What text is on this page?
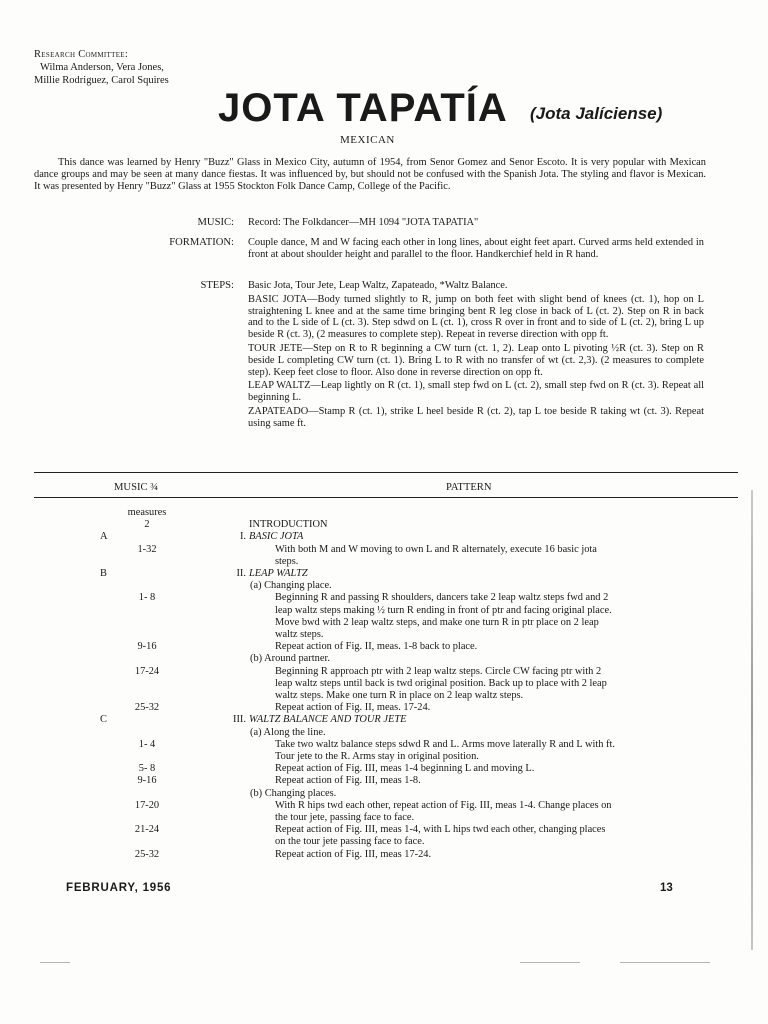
Research Committee:
Wilma Anderson, Vera Jones,
Millie Rodriguez, Carol Squires
JOTA TAPATÍA (Jota Jalíciense)
MEXICAN
This dance was learned by Henry "Buzz" Glass in Mexico City, autumn of 1954, from Senor Gomez and Senor Escoto. It is very popular with Mexican dance groups and may be seen at many dance fiestas. It was influenced by, but should not be confused with the Spanish Jota. The styling and flavor is Mexican. It was presented by Henry "Buzz" Glass at 1955 Stockton Folk Dance Camp, College of the Pacific.
MUSIC: Record: The Folkdancer—MH 1094 "JOTA TAPATIA"
FORMATION: Couple dance, M and W facing each other in long lines, about eight feet apart. Curved arms held extended in front at about shoulder height and parallel to the floor. Handkerchief held in R hand.
STEPS: Basic Jota, Tour Jete, Leap Waltz, Zapateado, *Waltz Balance.

BASIC JOTA—Body turned slightly to R, jump on both feet with slight bend of knees (ct. 1), hop on L straightening L knee and at the same time bringing bent R leg close in back of L (ct. 2). Step on R in back and to the L side of L (ct. 3). Step sdwd on L (ct. 1), cross R over in front and to side of L (ct. 2), bring L up beside R (ct. 3), (2 measures to complete step). Repeat in reverse direction with opp ft.

TOUR JETE—Step on R to R beginning a CW turn (ct. 1, 2). Leap onto L pivoting ½R (ct. 3). Step on R beside L completing CW turn (ct. 1). Bring L to R with no transfer of wt (ct. 2,3). (2 measures to complete step). Keep feet close to floor. Also done in reverse direction on opp ft.

LEAP WALTZ—Leap lightly on R (ct. 1), small step fwd on L (ct. 2), small step fwd on R (ct. 3). Repeat all beginning L.

ZAPATEADO—Stamp R (ct. 1), strike L heel beside R (ct. 2), tap L toe beside R taking wt (ct. 3). Repeat using same ft.

MUSIC ¾	PATTERN
measures
2	INTRODUCTION
A	I. BASIC JOTA
1-32	With both M and W moving to own L and R alternately, execute 16 basic jota
steps.
B	II. LEAP WALTZ
(a) Changing place.
1- 8	Beginning R and passing R shoulders, dancers take 2 leap waltz steps fwd and 2
leap waltz steps making ½ turn R ending in front of ptr and facing original place.
Move bwd with 2 leap waltz steps, and make one turn R in ptr place on 2 leap
waltz steps.
9-16	Repeat action of Fig. II, meas. 1-8 back to place.
(b) Around partner.
17-24	Beginning R approach ptr with 2 leap waltz steps. Circle CW facing ptr with 2
leap waltz steps until back is twd original position. Back up to place with 2 leap
waltz steps. Make one turn R in place on 2 leap waltz steps.
25-32	Repeat action of Fig. II, meas. 17-24.
C	III. WALTZ BALANCE AND TOUR JETE
(a) Along the line.
1- 4	Take two waltz balance steps sdwd R and L. Arms move laterally R and L with ft.
Tour jete to the R. Arms stay in original position.
5- 8	Repeat action of Fig. III, meas 1-4 beginning L and moving L.
9-16	Repeat action of Fig. III, meas 1-8.
(b) Changing places.
17-20	With R hips twd each other, repeat action of Fig. III, meas 1-4. Change places on
the tour jete, passing face to face.
21-24	Repeat action of Fig. III, meas 1-4, with L hips twd each other, changing places
on the tour jete passing face to face.
25-32	Repeat action of Fig. III, meas 17-24.
FEBRUARY, 1956	13
